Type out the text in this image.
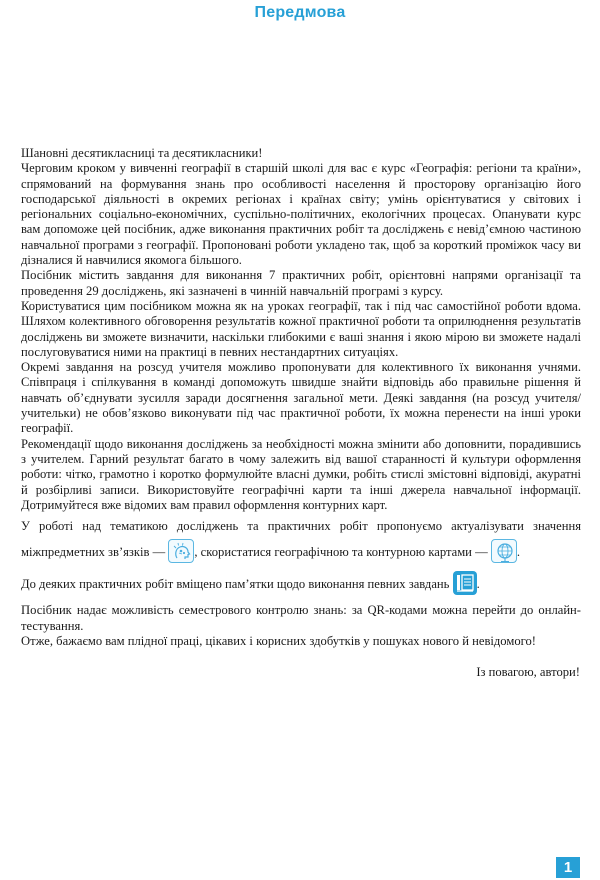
Передмова

Шановні десятикласниці та десятикласники!

Черговим кроком у вивченні географії в старшій школі для вас є курс «Географія: регіони та країни», спрямований на формування знань про особливості населення й просторову організацію його господарської діяльності в окремих регіонах і країнах світу; умінь орієнтуватися у світових і регіональних соціально-економічних, суспільно-політичних, екологічних процесах. Опанувати курс вам допоможе цей посібник, адже виконання практичних робіт та досліджень є невід’ємною частиною навчальної програми з географії. Пропоновані роботи укладено так, щоб за короткий проміжок часу ви дізналися й навчилися якомога більшого.

Посібник містить завдання для виконання 7 практичних робіт, орієнтовні напрями організації та проведення 29 досліджень, які зазначені в чинній навчальній програмі з курсу.

Користуватися цим посібником можна як на уроках географії, так і під час самостійної роботи вдома. Шляхом колективного обговорення результатів кожної практичної роботи та оприлюднення результатів досліджень ви зможете визначити, наскільки глибокими є ваші знання і якою мірою ви зможете надалі послуговуватися ними на практиці в певних нестандартних ситуаціях.

Окремі завдання на розсуд учителя можливо пропонувати для колективного їх виконання учнями. Співпраця і спілкування в команді допоможуть швидше знайти відповідь або правильне рішення й навчать об’єднувати зусилля заради досягнення загальної мети. Деякі завдання (на розсуд учителя/учительки) не обов’язково виконувати під час практичної роботи, їх можна перенести на інші уроки географії.

Рекомендації щодо виконання досліджень за необхідності можна змінити або доповнити, порадившись з учителем. Гарний результат багато в чому залежить від вашої старанності й культури оформлення роботи: чітко, грамотно і коротко формулюйте власні думки, робіть стислі змістовні відповіді, акуратні й розбірливі записи. Використовуйте географічні карти та інші джерела навчальної інформації. Дотримуйтеся вже відомих вам правил оформлення контурних карт.

У роботі над тематикою досліджень та практичних робіт пропонуємо актуалізувати значення міжпредметних зв’язків — , скористатися географічною та контурною картами — .

До деяких практичних робіт вміщено пам’ятки щодо виконання певних завдань .

Посібник надає можливість семестрового контролю знань: за QR-кодами можна перейти до онлайн-тестування.

Отже, бажаємо вам плідної праці, цікавих і корисних здобутків у пошуках нового й невідомого!

Із повагою, автори!
1
